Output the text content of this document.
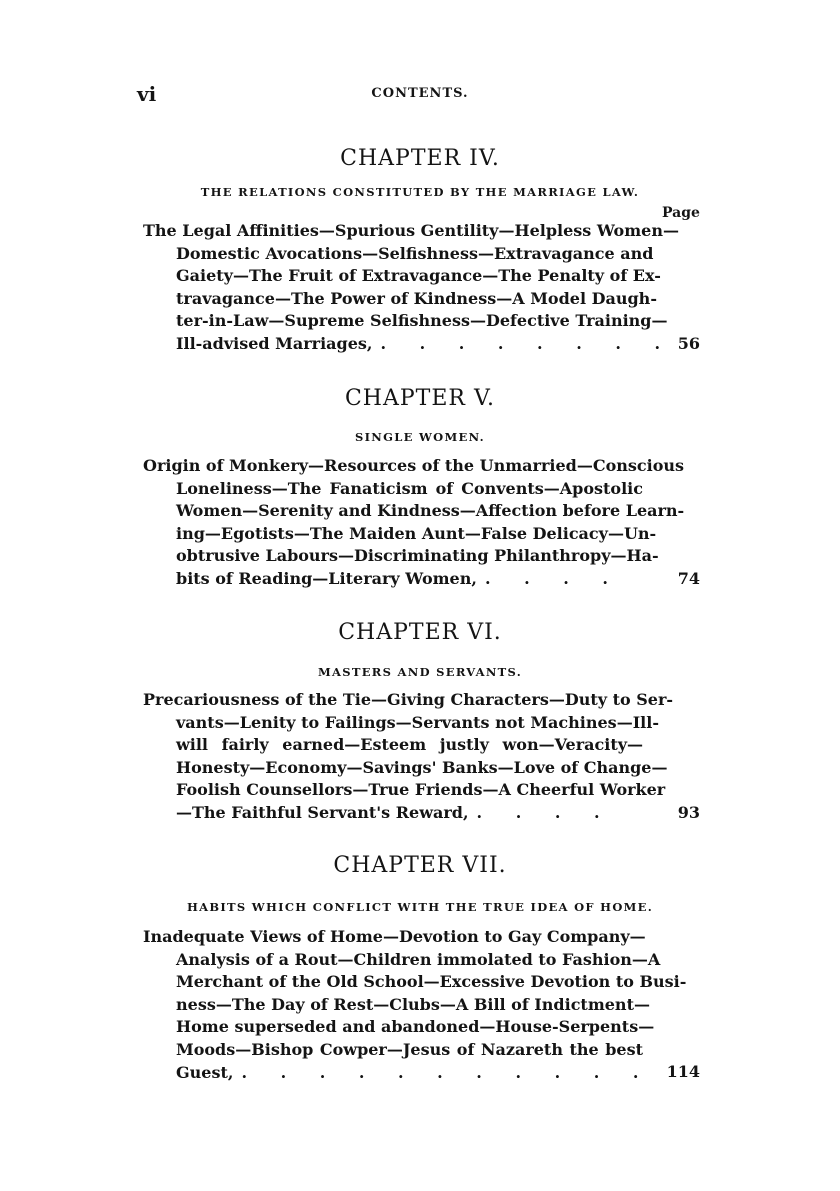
vi	CONTENTS.
CHAPTER IV.
THE RELATIONS CONSTITUTED BY THE MARRIAGE LAW.
Page
The Legal Affinities—Spurious Gentility—Helpless Women—
Domestic Avocations—Selfishness—Extravagance and
Gaiety—The Fruit of Extravagance—The Penalty of Ex-
travagance—The Power of Kindness—A Model Daugh-
ter-in-Law—Supreme Selfishness—Defective Training—
Ill-advised Marriages, . . . . . . . . 56
CHAPTER V.
SINGLE WOMEN.
Origin of Monkery—Resources of the Unmarried—Conscious
Loneliness—The Fanaticism of Convents—Apostolic
Women—Serenity and Kindness—Affection before Learn-
ing—Egotists—The Maiden Aunt—False Delicacy—Un-
obtrusive Labours—Discriminating Philanthropy—Ha-
bits of Reading—Literary Women, . . . .	74
CHAPTER VI.
MASTERS AND SERVANTS.
Precariousness of the Tie—Giving Characters—Duty to Ser-
vants—Lenity to Failings—Servants not Machines—Ill-
will fairly earned—Esteem justly won—Veracity—
Honesty—Economy—Savings' Banks—Love of Change—
Foolish Counsellors—True Friends—A Cheerful Worker
—The Faithful Servant's Reward, . . . .	93
CHAPTER VII.
HABITS WHICH CONFLICT WITH THE TRUE IDEA OF HOME.
Inadequate Views of Home—Devotion to Gay Company—
Analysis of a Rout—Children immolated to Fashion—A
Merchant of the Old School—Excessive Devotion to Busi-
ness—The Day of Rest—Clubs—A Bill of Indictment—
Home superseded and abandoned—House-Serpents—
Moods—Bishop Cowper—Jesus of Nazareth the best
Guest, . . . . . . . . . . . 114
